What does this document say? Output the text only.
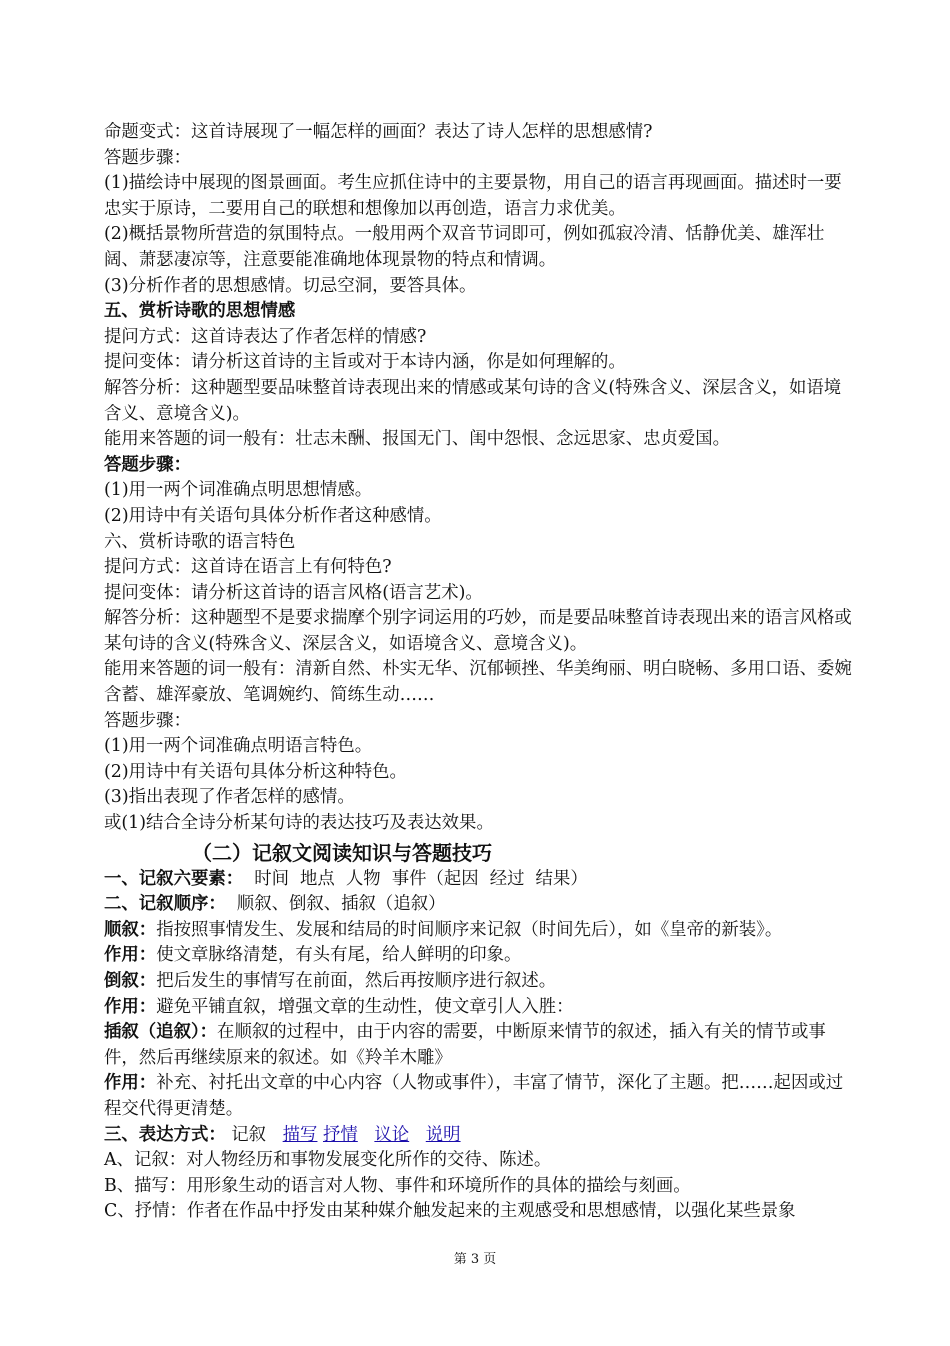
命题变式：这首诗展现了一幅怎样的画面？表达了诗人怎样的思想感情?

答题步骤：

(1)描绘诗中展现的图景画面。考生应抓住诗中的主要景物，用自己的语言再现画面。描述时一要忠实于原诗，二要用自己的联想和想像加以再创造，语言力求优美。

(2)概括景物所营造的氛围特点。一般用两个双音节词即可，例如孤寂冷清、恬静优美、雄浑壮阔、萧瑟凄凉等，注意要能准确地体现景物的特点和情调。

(3)分析作者的思想感情。切忌空洞，要答具体。

五、赏析诗歌的思想情感

提问方式：这首诗表达了作者怎样的情感?

提问变体：请分析这首诗的主旨或对于本诗内涵，你是如何理解的。

解答分析：这种题型要品味整首诗表现出来的情感或某句诗的含义(特殊含义、深层含义，如语境含义、意境含义)。

能用来答题的词一般有：壮志未酬、报国无门、闺中怨恨、念远思家、忠贞爱国。

答题步骤：

(1)用一两个词准确点明思想情感。

(2)用诗中有关语句具体分析作者这种感情。

六、赏析诗歌的语言特色

提问方式：这首诗在语言上有何特色?

提问变体：请分析这首诗的语言风格(语言艺术)。

解答分析：这种题型不是要求揣摩个别字词运用的巧妙，而是要品味整首诗表现出来的语言风格或某句诗的含义(特殊含义、深层含义，如语境含义、意境含义)。

能用来答题的词一般有：清新自然、朴实无华、沉郁顿挫、华美绚丽、明白晓畅、多用口语、委婉含蓄、雄浑豪放、笔调婉约、简练生动……

答题步骤：

(1)用一两个词准确点明语言特色。

(2)用诗中有关语句具体分析这种特色。

(3)指出表现了作者怎样的感情。

或(1)结合全诗分析某句诗的表达技巧及表达效果。

（二）记叙文阅读知识与答题技巧

一、记叙六要素：  时间  地点  人物  事件（起因  经过  结果）

二、记叙顺序：  顺叙、倒叙、插叙（追叙）

顺叙：指按照事情发生、发展和结局的时间顺序来记叙（时间先后），如《皇帝的新装》。

作用：使文章脉络清楚，有头有尾，给人鲜明的印象。

倒叙：把后发生的事情写在前面，然后再按顺序进行叙述。

作用：避免平铺直叙，增强文章的生动性，使文章引人入胜：

插叙（追叙）：在顺叙的过程中，由于内容的需要，中断原来情节的叙述，插入有关的情节或事件，然后再继续原来的叙述。如《羚羊木雕》

作用：补充、衬托出文章的中心内容（人物或事件），丰富了情节，深化了主题。把……起因或过程交代得更清楚。

三、表达方式： 记叙   描写 抒情 议论 说明

A、记叙：对人物经历和事物发展变化所作的交待、陈述。

B、描写：用形象生动的语言对人物、事件和环境所作的具体的描绘与刻画。

C、抒情：作者在作品中抒发由某种媒介触发起来的主观感受和思想感情，以强化某些景象

第 3 页
